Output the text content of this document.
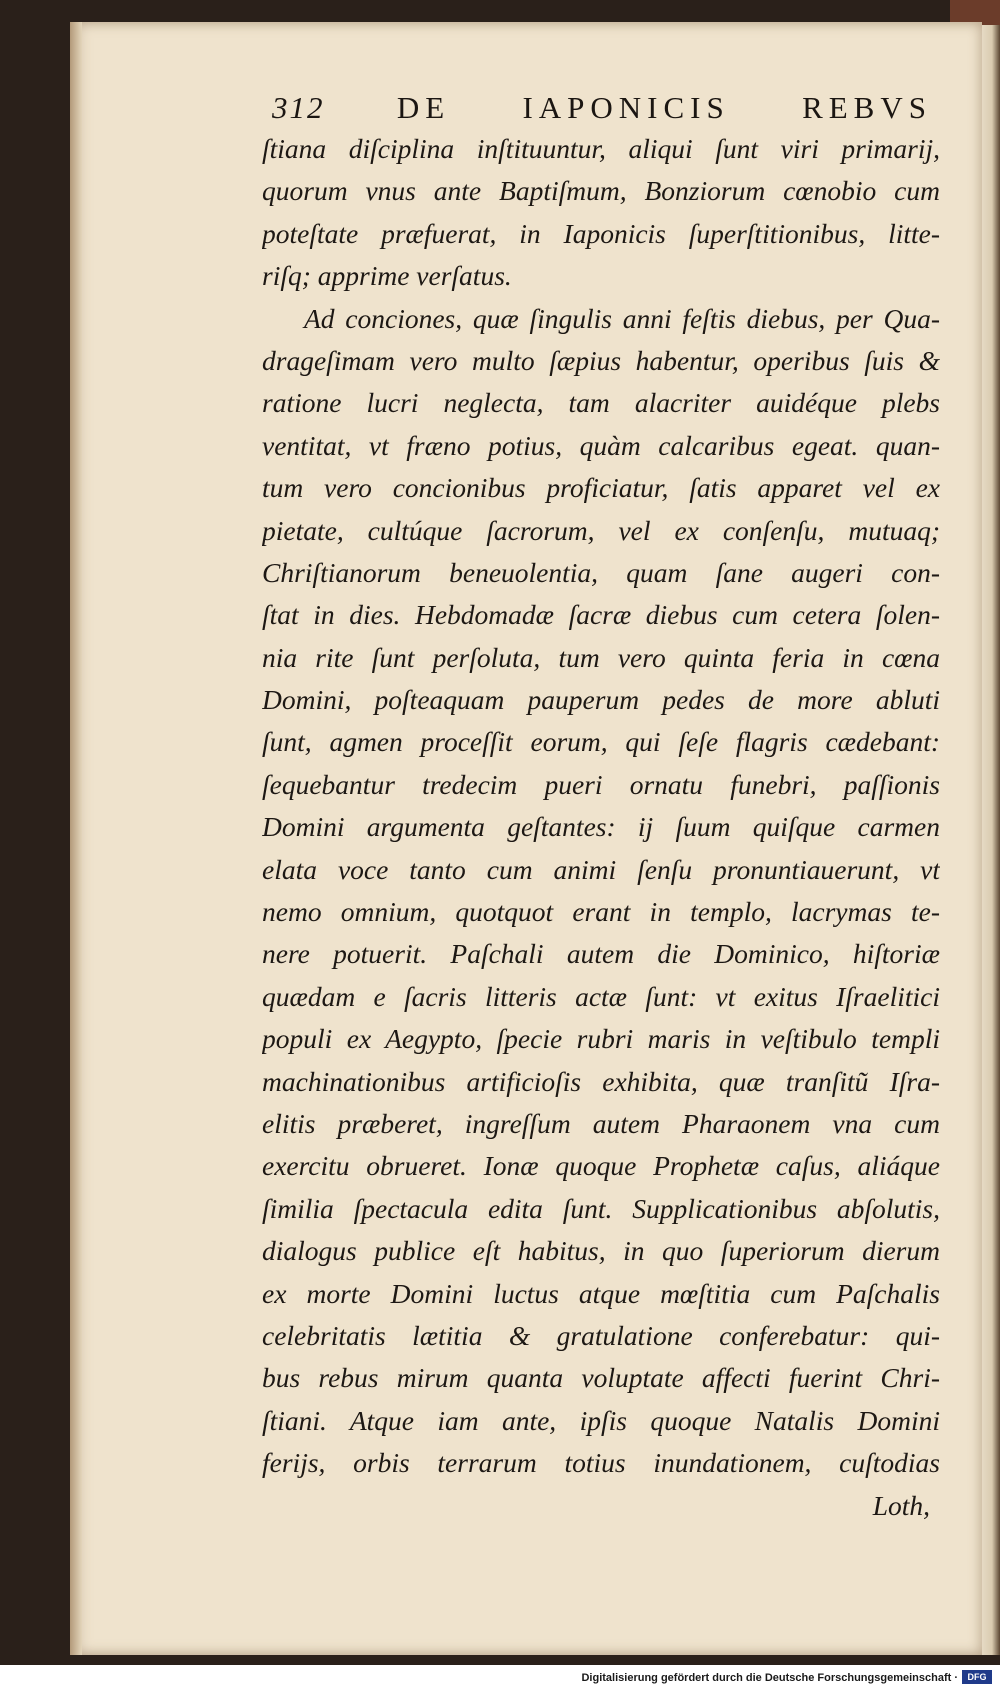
312 DE IAPONICIS REBVS
ſtiana diſciplina inſtituuntur, aliqui ſunt viri primarij,
quorum vnus ante Baptiſmum, Bonziorum cœnobio cum
poteſtate præfuerat, in Iaponicis ſuperſtitionibus, litte-
riſq; apprime verſatus.
Ad conciones, quæ ſingulis anni feſtis diebus, per Qua-
drageſimam vero multo ſæpius habentur, operibus ſuis &
ratione lucri neglecta, tam alacriter auidéque plebs
ventitat, vt fræno potius, quàm calcaribus egeat. quan-
tum vero concionibus proficiatur, ſatis apparet vel ex
pietate, cultúque ſacrorum, vel ex conſenſu, mutuaq;
Chriſtianorum beneuolentia, quam ſane augeri con-
ſtat in dies. Hebdomadæ ſacræ diebus cum cetera ſolen-
nia rite ſunt perſoluta, tum vero quinta feria in cœna
Domini, poſteaquam pauperum pedes de more abluti
ſunt, agmen proceſſit eorum, qui ſeſe flagris cædebant:
ſequebantur tredecim pueri ornatu funebri, paſſionis
Domini argumenta geſtantes: ij ſuum quiſque carmen
elata voce tanto cum animi ſenſu pronuntiauerunt, vt
nemo omnium, quotquot erant in templo, lacrymas te-
nere potuerit. Paſchali autem die Dominico, hiſtoriæ
quædam e ſacris litteris actæ ſunt: vt exitus Iſraelitici
populi ex Aegypto, ſpecie rubri maris in veſtibulo templi
machinationibus artificioſis exhibita, quæ tranſitũ Iſra-
elitis præberet, ingreſſum autem Pharaonem vna cum
exercitu obrueret. Ionæ quoque Prophetæ caſus, aliáque
ſimilia ſpectacula edita ſunt. Supplicationibus abſolutis,
dialogus publice eſt habitus, in quo ſuperiorum dierum
ex morte Domini luctus atque mœſtitia cum Paſchalis
celebritatis lætitia & gratulatione conferebatur: qui-
bus rebus mirum quanta voluptate affecti fuerint Chri-
ſtiani. Atque iam ante, ipſis quoque Natalis Domini
ferijs, orbis terrarum totius inundationem, cuſtodias
Loth,
Digitalisierung gefördert durch die Deutsche Forschungsgemeinschaft ·	DFG
